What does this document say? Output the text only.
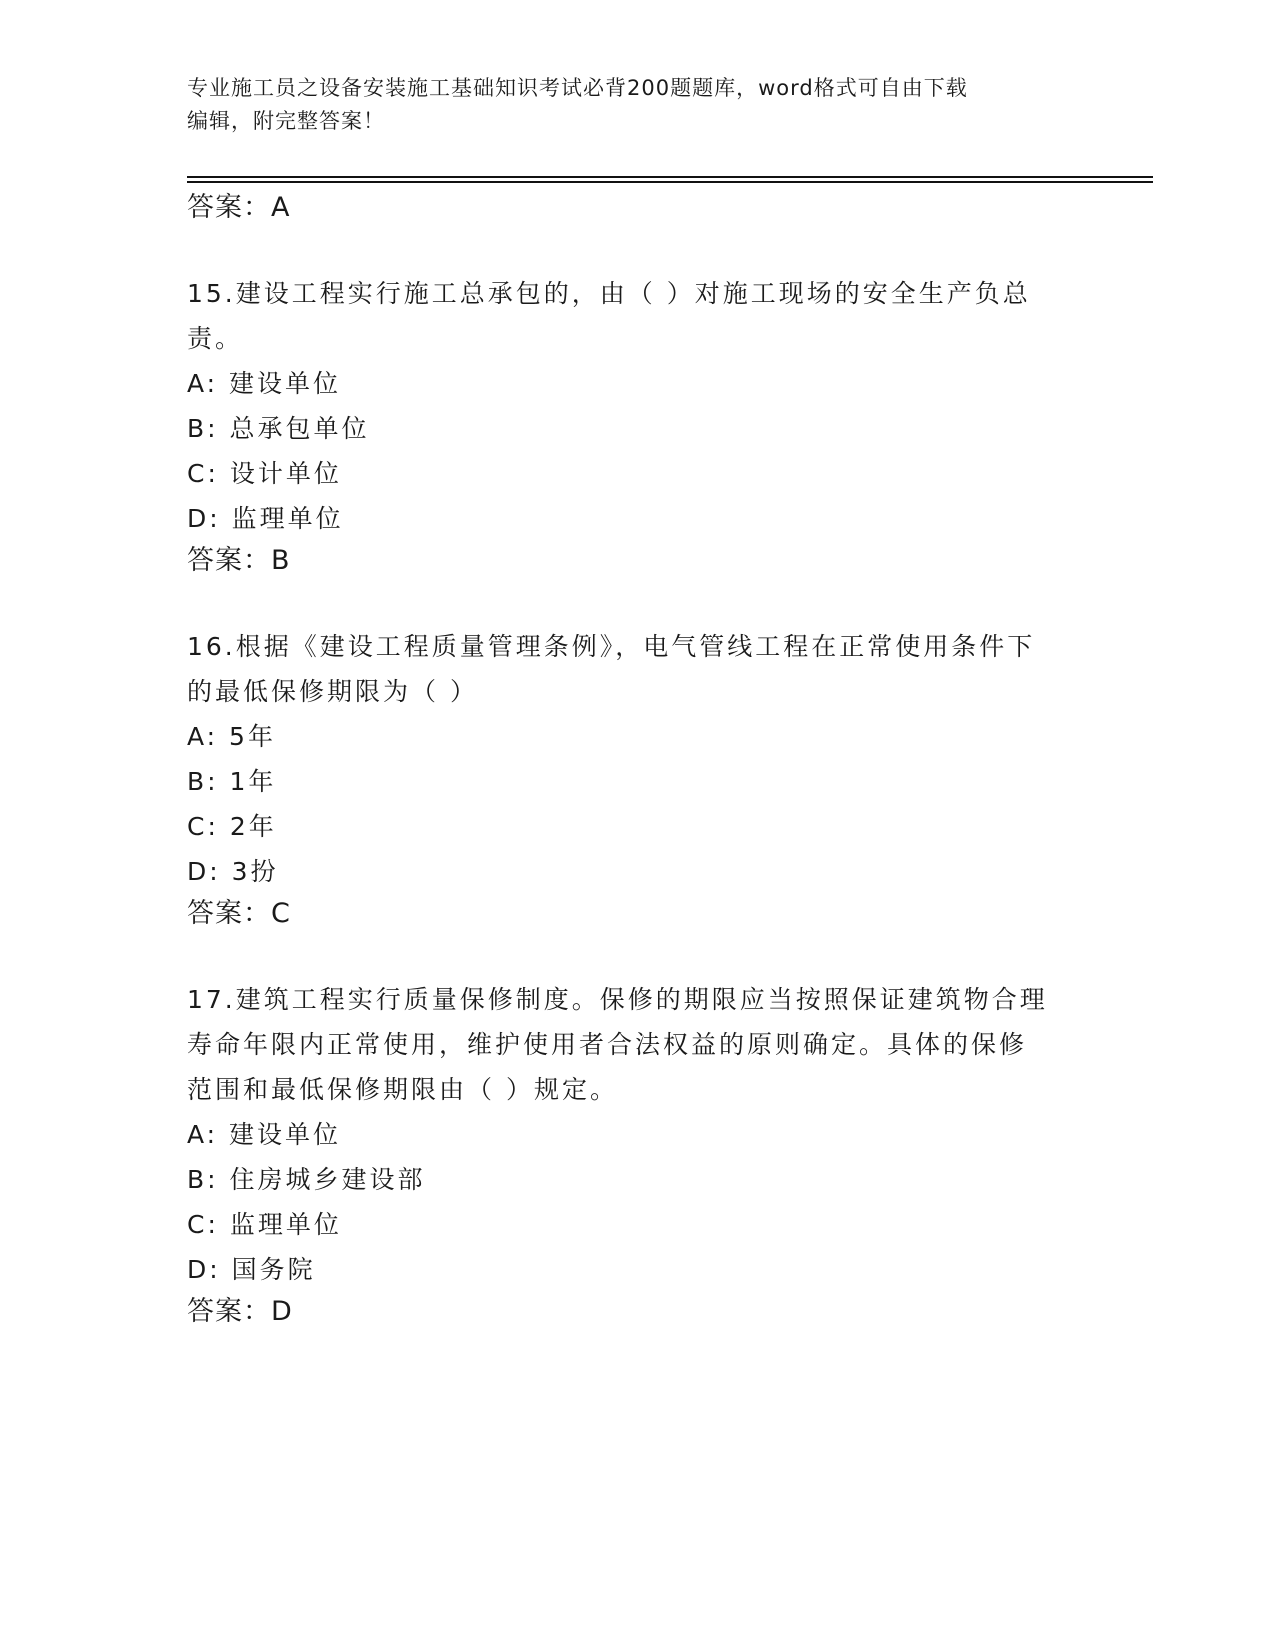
专业施工员之设备安装施工基础知识考试必背200题题库，word格式可自由下载
编辑，附完整答案！
答案：A
15.建设工程实行施工总承包的，由（ ）对施工现场的安全生产负总
责。
A: 建设单位
B: 总承包单位
C: 设计单位
D: 监理单位
答案：B
16.根据《建设工程质量管理条例》，电气管线工程在正常使用条件下
的最低保修期限为（ ）
A: 5年
B: 1年
C: 2年
D: 3扮
答案：C
17.建筑工程实行质量保修制度。保修的期限应当按照保证建筑物合理
寿命年限内正常使用，维护使用者合法权益的原则确定。具体的保修
范围和最低保修期限由（ ）规定。
A: 建设单位
B: 住房城乡建设部
C: 监理单位
D: 国务院
答案：D
